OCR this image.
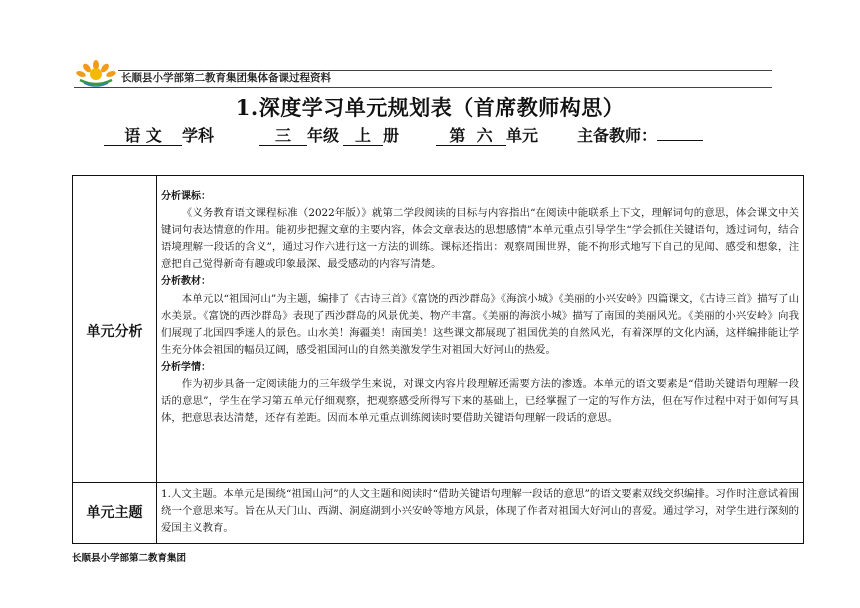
长顺县小学部第二教育集团集体备课过程资料
1.深度学习单元规划表（首席教师构思）
语 文 学科	三 年级 上 册	第 六 单元 主备教师：
单元分析

分析课标：

《义务教育语文课程标准（2022年版）》就第二学段阅读的目标与内容指出“在阅读中能联系上下文，理解词句的意思，体会课文中关键词句表达情意的作用。能初步把握文章的主要内容，体会文章表达的思想感情”本单元重点引导学生“学会抓住关键语句，透过词句，结合语境理解一段话的含义”，通过习作六进行这一方法的训练。课标还指出：观察周围世界，能不拘形式地写下自己的见闻、感受和想象，注意把自己觉得新奇有趣或印象最深、最受感动的内容写清楚。

分析教材：

本单元以“祖国河山”为主题，编排了《古诗三首》《富饶的西沙群岛》《海滨小城》《美丽的小兴安岭》四篇课文，《古诗三首》描写了山水美景。《富饶的西沙群岛》表现了西沙群岛的风景优美、物产丰富。《美丽的海滨小城》描写了南国的美丽风光。《美丽的小兴安岭》向我们展现了北国四季迷人的景色。山水美！海疆美！南国美！这些课文都展现了祖国优美的自然风光，有着深厚的文化内涵，这样编排能让学生充分体会祖国的幅员辽阔，感受祖国河山的自然美激发学生对祖国大好河山的热爱。

分析学情：

作为初步具备一定阅读能力的三年级学生来说，对课文内容片段理解还需要方法的渗透。本单元的语文要素是“借助关键语句理解一段话的意思”，学生在学习第五单元仔细观察，把观察感受所得写下来的基础上，已经掌握了一定的写作方法，但在写作过程中对于如何写具体，把意思表达清楚，还存有差距。因而本单元重点训练阅读时要借助关键语句理解一段话的意思。

单元主题

1.人文主题。本单元是围绕“祖国山河”的人文主题和阅读时“借助关键语句理解一段话的意思”的语文要素双线交织编排。习作时注意试着围绕一个意思来写。旨在从天门山、西湖、洞庭湖到小兴安岭等地方风景，体现了作者对祖国大好河山的喜爱。通过学习，对学生进行深刻的爱国主义教育。

长顺县小学部第二教育集团
